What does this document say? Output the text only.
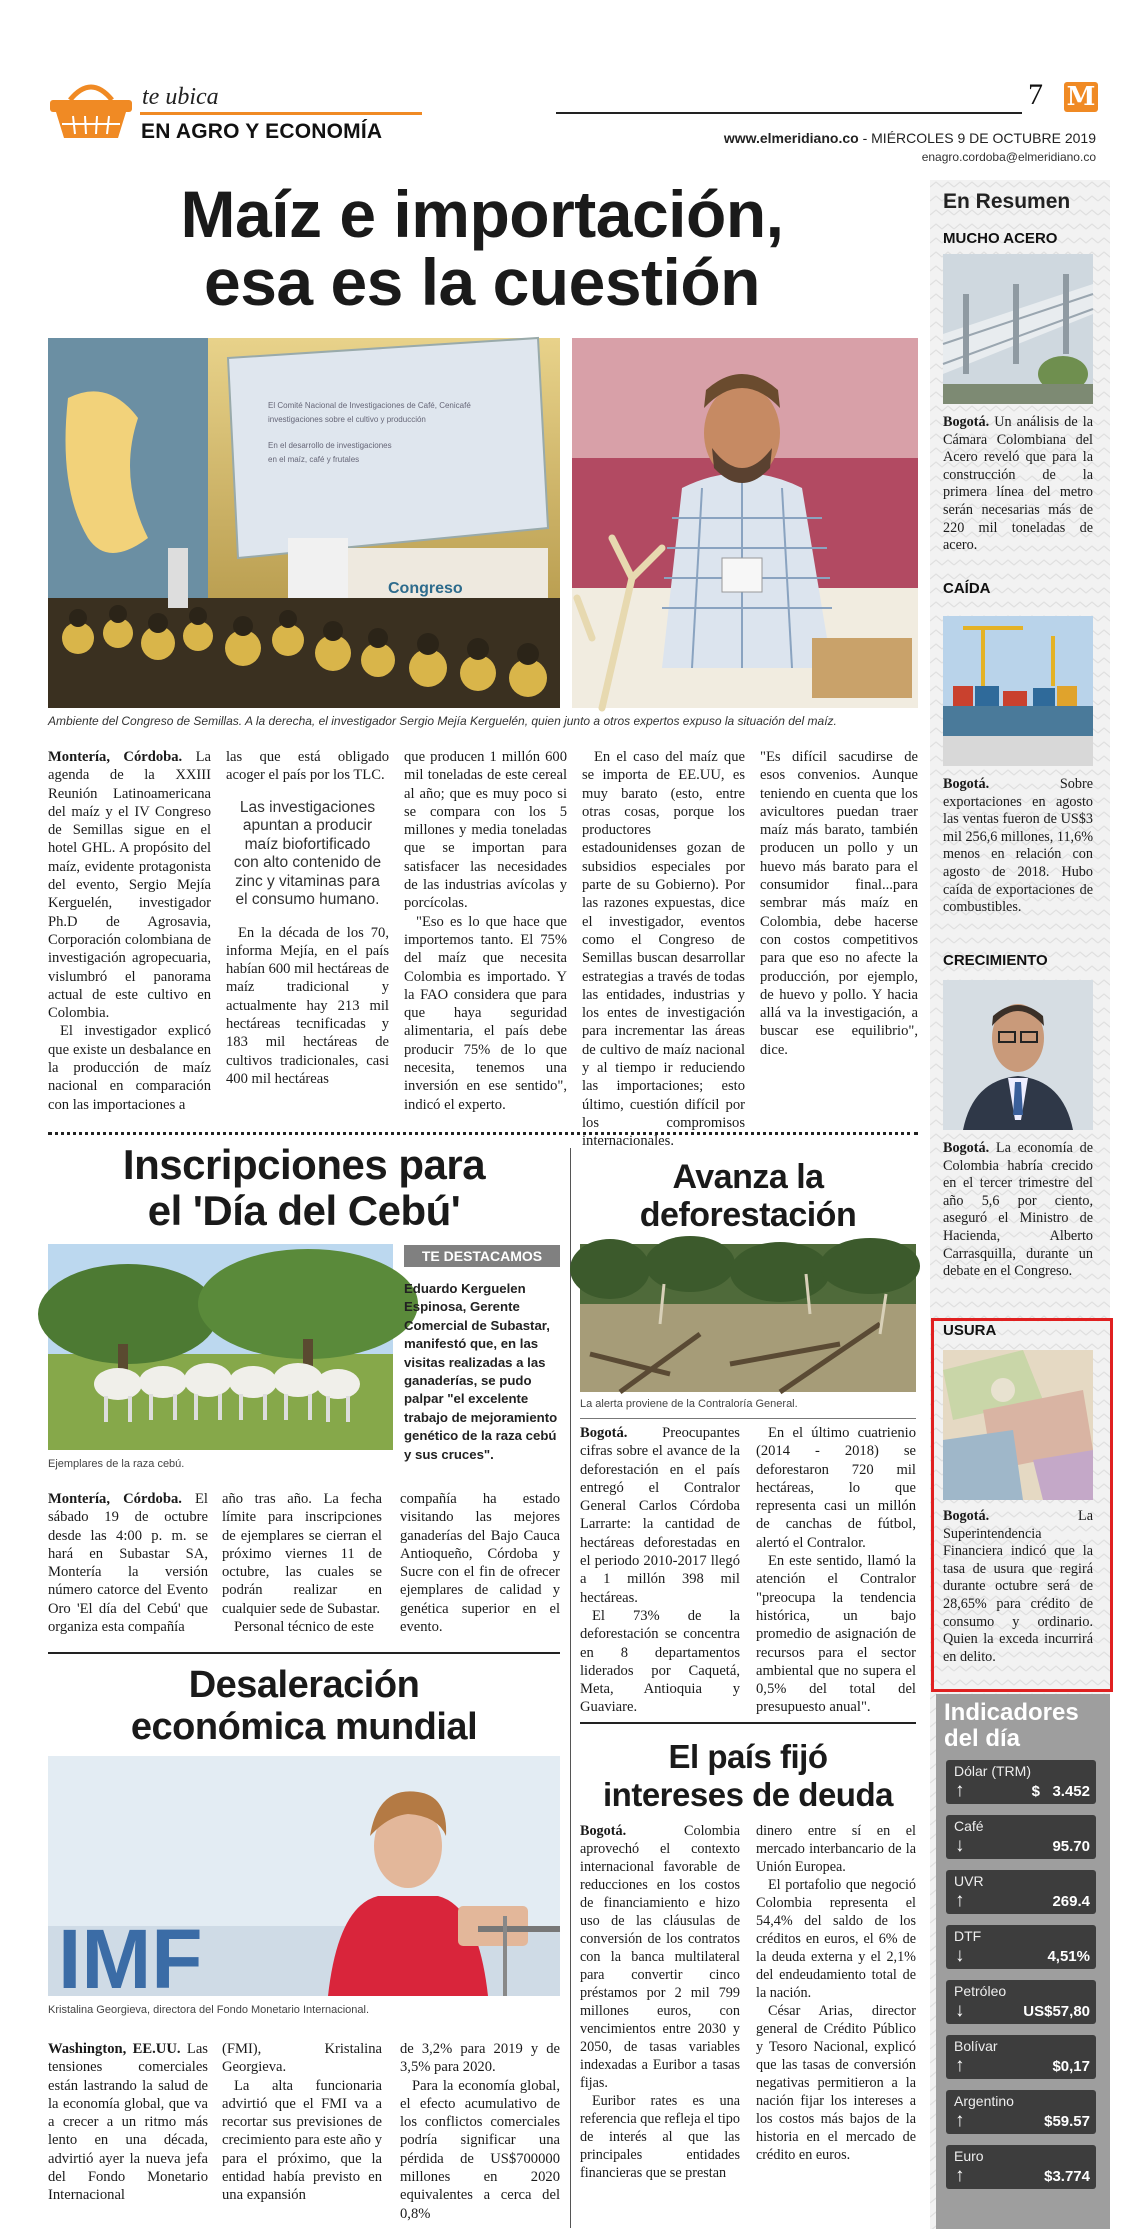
te ubica
EN AGRO Y ECONOMÍA
7 M
www.elmeridiano.co - MIÉRCOLES 9 DE OCTUBRE 2019
enagro.cordoba@elmeridiano.co
Maíz e importación,
esa es la cuestión
El Comité Nacional de Investigaciones de Café, Cenicafé
investigaciones sobre el cultivo y producción
En el desarrollo de investigaciones
en el maíz, café y frutales
Congreso
Ambiente del Congreso de Semillas. A la derecha, el investigador Sergio Mejía Kerguelén, quien junto a otros expertos expuso la situación del maíz.

Montería, Córdoba. La agenda de la XXIII Reunión Latinoamericana del maíz y el IV Congreso de Semillas sigue en el hotel GHL. A propósito del maíz, evidente protagonista del evento, Sergio Mejía Kerguelén, investigador Ph.D de Agrosavia, Corporación colombiana de investigación agropecuaria, vislumbró el panorama actual de este cultivo en Colombia.

El investigador explicó que existe un desbalance en la producción de maíz nacional en comparación con las importaciones a

las que está obligado acoger el país por los TLC.

Las investigaciones apuntan a producir maíz biofortificado con alto contenido de zinc y vitaminas para el consumo humano.

En la década de los 70, informa Mejía, en el país habían 600 mil hectáreas de maíz tradicional y actualmente hay 213 mil hectáreas tecnificadas y 183 mil hectáreas de cultivos tradicionales, casi 400 mil hectáreas

que producen 1 millón 600 mil toneladas de este cereal al año; que es muy poco si se compara con los 5 millones y media toneladas que se importan para satisfacer las necesidades de las industrias avícolas y porcícolas.

"Eso es lo que hace que importemos tanto. El 75% del maíz que necesita Colombia es importado. Y la FAO considera que para que haya seguridad alimentaria, el país debe producir 75% de lo que necesita, tenemos una inversión en ese sentido", indicó el experto.

En el caso del maíz que se importa de EE.UU, es muy barato (esto, entre otras cosas, porque los productores estadounidenses gozan de subsidios especiales por parte de su Gobierno). Por las razones expuestas, dice el investigador, eventos como el Congreso de Semillas buscan desarrollar estrategias a través de todas las entidades, industrias y los entes de investigación para incrementar las áreas de cultivo de maíz nacional y al tiempo ir reduciendo las importaciones; esto último, cuestión difícil por los compromisos internacionales.

"Es difícil sacudirse de esos convenios. Aunque teniendo en cuenta que los avicultores puedan traer maíz más barato, también producen un pollo y un huevo más barato para el consumidor final...para sembrar más maíz en Colombia, debe hacerse con costos competitivos para que eso no afecte la producción, por ejemplo, de huevo y pollo. Y hacia allá va la investigación, a buscar ese equilibrio", dice.

Inscripciones para
el 'Día del Cebú'
Ejemplares de la raza cebú.
TE DESTACAMOS
Eduardo Kerguelen Espinosa, Gerente Comercial de Subastar, manifestó que, en las visitas realizadas a las ganaderías, se pudo palpar "el excelente trabajo de mejoramiento genético de la raza cebú y sus cruces".

Montería, Córdoba. El sábado 19 de octubre desde las 4:00 p. m. se hará en Subastar SA, Montería la versión número catorce del Evento Oro 'El día del Cebú' que organiza esta compañía

año tras año. La fecha límite para inscripciones de ejemplares se cierran el próximo viernes 11 de octubre, las cuales se podrán realizar en cualquier sede de Subastar.

Personal técnico de este

compañía ha estado visitando las mejores ganaderías del Bajo Cauca Antioqueño, Córdoba y Sucre con el fin de ofrecer ejemplares de calidad y genética superior en el evento.

Avanza la
deforestación
La alerta proviene de la Contraloría General.

Bogotá. Preocupantes cifras sobre el avance de la deforestación en el país entregó el Contralor General Carlos Córdoba Larrarte: la cantidad de hectáreas deforestadas en el periodo 2010-2017 llegó a 1 millón 398 mil hectáreas.

El 73% de la deforestación se concentra en 8 departamentos liderados por Caquetá, Meta, Antioquia y Guaviare.

En el último cuatrienio (2014 - 2018) se deforestaron 720 mil hectáreas, lo que representa casi un millón de canchas de fútbol, alertó el Contralor.

En este sentido, llamó la atención el Contralor "preocupa la tendencia histórica, un bajo promedio de asignación de recursos para el sector ambiental que no supera el 0,5% del total del presupuesto anual".

Desaleración
económica mundial
IMF
Kristalina Georgieva, directora del Fondo Monetario Internacional.

Washington, EE.UU. Las tensiones comerciales están lastrando la salud de la economía global, que va a crecer a un ritmo más lento en una década, advirtió ayer la nueva jefa del Fondo Monetario Internacional

(FMI), Kristalina Georgieva.

La alta funcionaria advirtió que el FMI va a recortar sus previsiones de crecimiento para este año y para el próximo, que la entidad había previsto en una expansión

de 3,2% para 2019 y de 3,5% para 2020.

Para la economía global, el efecto acumulativo de los conflictos comerciales podría significar una pérdida de US$700000 millones en 2020 equivalentes a cerca del 0,8%

El país fijó
intereses de deuda

Bogotá. Colombia aprovechó el contexto internacional favorable de reducciones en los costos de financiamiento e hizo uso de las cláusulas de conversión de los contratos con la banca multilateral para convertir cinco préstamos por 2 mil 799 millones euros, con vencimientos entre 2030 y 2050, de tasas variables indexadas a Euribor a tasas fijas.

Euribor rates es una referencia que refleja el tipo de interés al que las principales entidades financieras que se prestan

dinero entre sí en el mercado interbancario de la Unión Europea.

El portafolio que negoció Colombia representa el 54,4% del saldo de los créditos en euros, el 6% de la deuda externa y el 2,1% del endeudamiento total de la nación.

César Arias, director general de Crédito Público y Tesoro Nacional, explicó que las tasas de conversión negativas permitieron a la nación fijar los intereses a los costos más bajos de la historia en el mercado de crédito en euros.

En Resumen
MUCHO ACERO
Bogotá. Un análisis de la Cámara Colombiana del Acero reveló que para la construcción de la primera línea del metro serán necesarias más de 220 mil toneladas de acero.
CAÍDA
Bogotá. Sobre exportaciones en agosto las ventas fueron de US$3 mil 256,6 millones, 11,6% menos en relación con agosto de 2018. Hubo caída de exportaciones de combustibles.
CRECIMIENTO
Bogotá. La economía de Colombia habría crecido en el tercer trimestre del año 5,6 por ciento, aseguró el Ministro de Hacienda, Alberto Carrasquilla, durante un debate en el Congreso.
USURA
Bogotá. La Superintendencia Financiera indicó que la tasa de usura que regirá durante octubre será de 28,65% para crédito de consumo y ordinario. Quien la exceda incurrirá en delito.
Indicadores
del día
Dólar (TRM)
↑	$   3.452
Café
↓	95.70
UVR
↑	269.4
DTF
↓	4,51%
Petróleo
↓	US$57,80
Bolívar
↑	$0,17
Argentino
↑	$59.57
Euro
↑	$3.774
